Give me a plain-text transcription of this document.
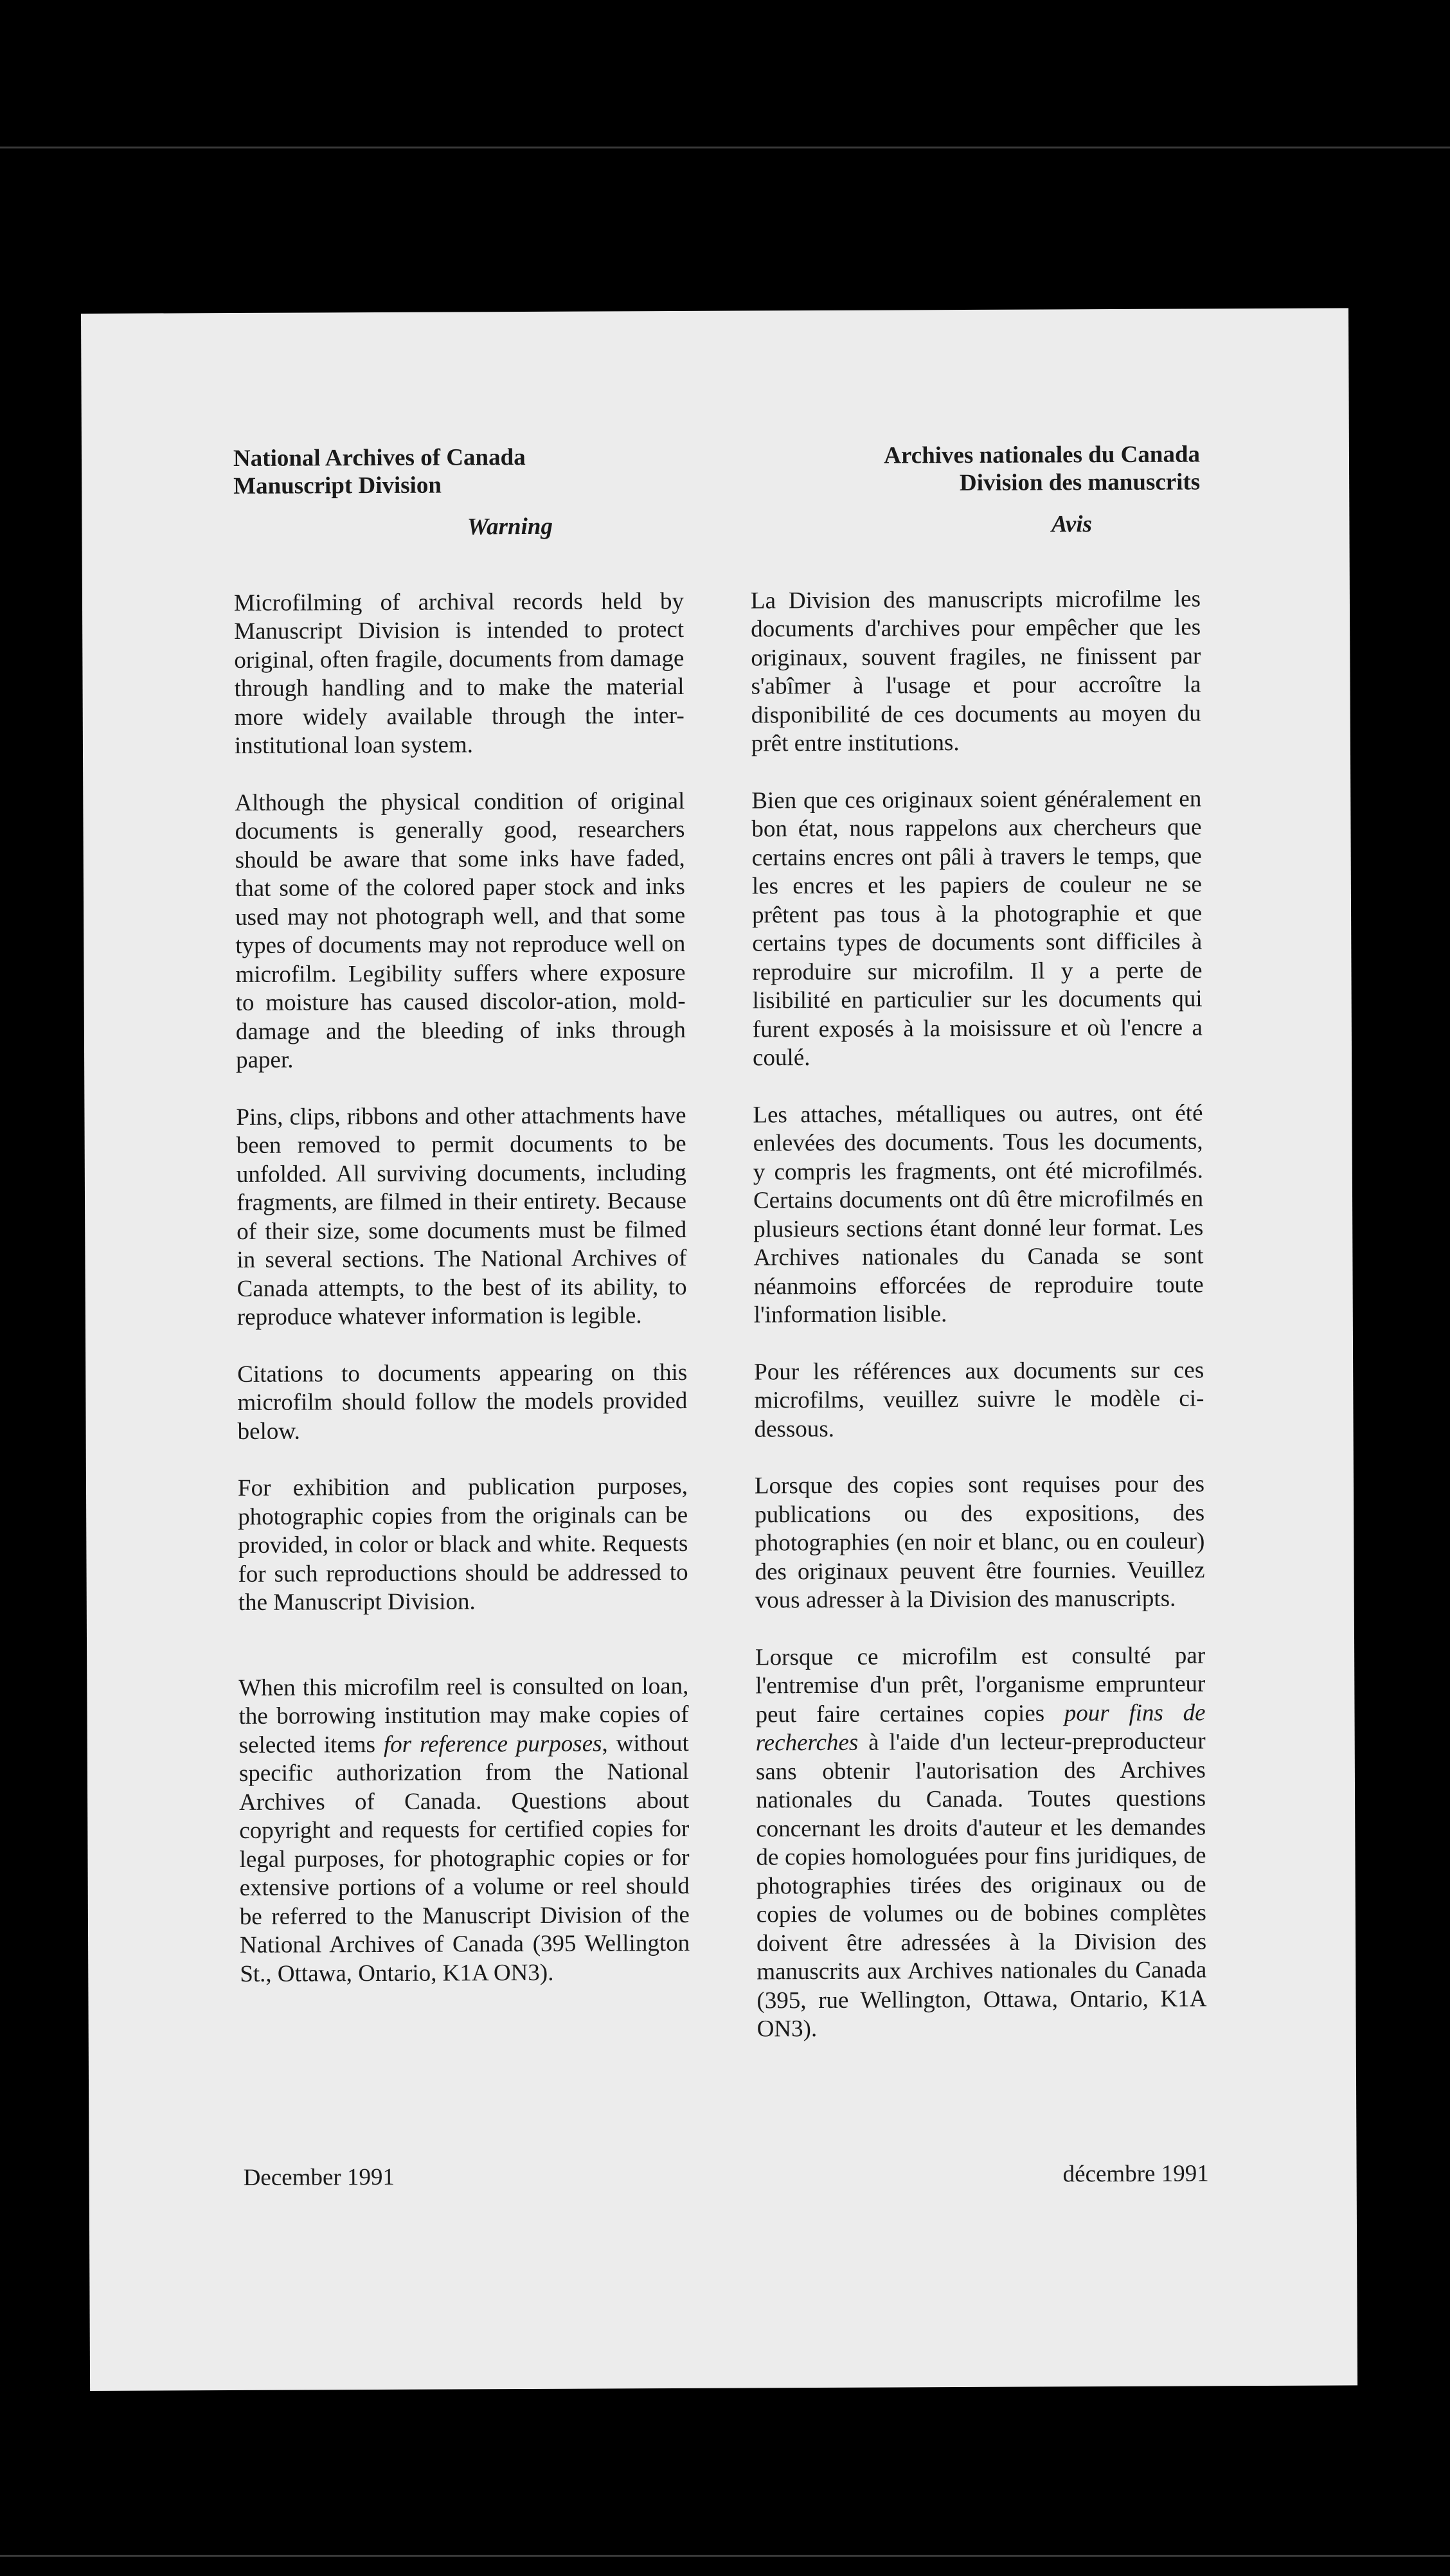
National Archives of Canada
Manuscript Division
Warning

Microfilming of archival records held by Manuscript Division is intended to protect original, often fragile, documents from damage through handling and to make the material more widely available through the inter-institutional loan system.

Although the physical condition of original documents is generally good, researchers should be aware that some inks have faded, that some of the colored paper stock and inks used may not photograph well, and that some types of documents may not reproduce well on microfilm. Legibility suffers where exposure to moisture has caused discolor-ation, mold-damage and the bleeding of inks through paper.

Pins, clips, ribbons and other attachments have been removed to permit documents to be unfolded. All surviving documents, including fragments, are filmed in their entirety. Because of their size, some documents must be filmed in several sections. The National Archives of Canada attempts, to the best of its ability, to reproduce whatever information is legible.

Citations to documents appearing on this microfilm should follow the models provided below.

For exhibition and publication purposes, photographic copies from the originals can be provided, in color or black and white. Requests for such reproductions should be addressed to the Manuscript Division.

When this microfilm reel is consulted on loan, the borrowing institution may make copies of selected items for reference purposes, without specific authorization from the National Archives of Canada. Questions about copyright and requests for certified copies for legal purposes, for photographic copies or for extensive portions of a volume or reel should be referred to the Manuscript Division of the National Archives of Canada (395 Wellington St., Ottawa, Ontario, K1A ON3).

Archives nationales du Canada
Division des manuscrits
Avis

La Division des manuscripts microfilme les documents d'archives pour empêcher que les originaux, souvent fragiles, ne finissent par s'abîmer à l'usage et pour accroître la disponibilité de ces documents au moyen du prêt entre institutions.

Bien que ces originaux soient généralement en bon état, nous rappelons aux chercheurs que certains encres ont pâli à travers le temps, que les encres et les papiers de couleur ne se prêtent pas tous à la photographie et que certains types de documents sont difficiles à reproduire sur microfilm. Il y a perte de lisibilité en particulier sur les documents qui furent exposés à la moisissure et où l'encre a coulé.

Les attaches, métalliques ou autres, ont été enlevées des documents. Tous les documents, y compris les fragments, ont été microfilmés. Certains documents ont dû être microfilmés en plusieurs sections étant donné leur format. Les Archives nationales du Canada se sont néanmoins efforcées de reproduire toute l'information lisible.

Pour les références aux documents sur ces microfilms, veuillez suivre le modèle ci-dessous.

Lorsque des copies sont requises pour des publications ou des expositions, des photographies (en noir et blanc, ou en couleur) des originaux peuvent être fournies. Veuillez vous adresser à la Division des manuscripts.

Lorsque ce microfilm est consulté par l'entremise d'un prêt, l'organisme emprunteur peut faire certaines copies pour fins de recherches à l'aide d'un lecteur-preproducteur sans obtenir l'autorisation des Archives nationales du Canada. Toutes questions concernant les droits d'auteur et les demandes de copies homologuées pour fins juridiques, de photographies tirées des originaux ou de copies de volumes ou de bobines complètes doivent être adressées à la Division des manuscrits aux Archives nationales du Canada (395, rue Wellington, Ottawa, Ontario, K1A ON3).

December 1991	décembre 1991
